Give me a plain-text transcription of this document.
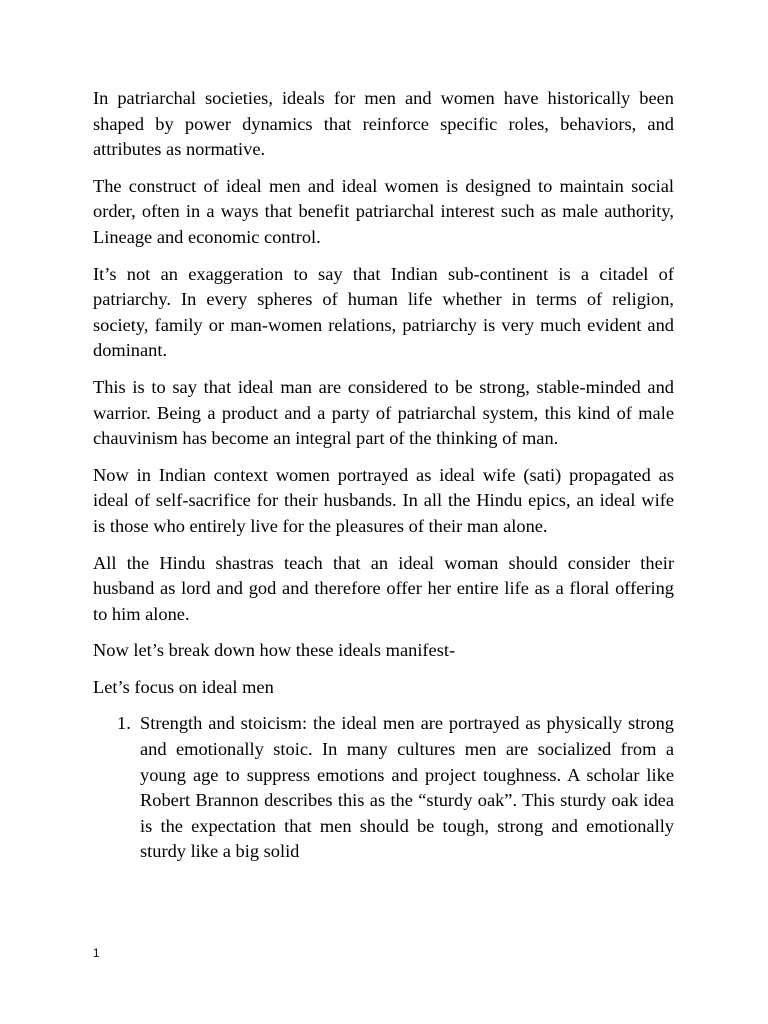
In patriarchal societies, ideals for men and women have historically been shaped by power dynamics that reinforce specific roles, behaviors, and attributes as normative.

The construct of ideal men and ideal women is designed to maintain social order, often in a ways that benefit patriarchal interest such as male authority, Lineage and economic control.

It’s not an exaggeration to say that Indian sub-continent is a citadel of patriarchy. In every spheres of human life whether in terms of religion, society, family or man-women relations, patriarchy is very much evident and dominant.

This is to say that ideal man are considered to be strong, stable-minded and warrior. Being a product and a party of patriarchal system, this kind of male chauvinism has become an integral part of the thinking of man.

Now in Indian context women portrayed as ideal wife (sati) propagated as ideal of self-sacrifice for their husbands. In all the Hindu epics, an ideal wife is those who entirely live for the pleasures of their man alone.

All the Hindu shastras teach that an ideal woman should consider their husband as lord and god and therefore offer her entire life as a floral offering to him alone.

Now let’s break down how these ideals manifest-

Let’s focus on ideal men

1. Strength and stoicism: the ideal men are portrayed as physically strong and emotionally stoic. In many cultures men are socialized from a young age to suppress emotions and project toughness. A scholar like Robert Brannon describes this as the “sturdy oak”. This sturdy oak idea is the expectation that men should be tough, strong and emotionally sturdy like a big solid
1
